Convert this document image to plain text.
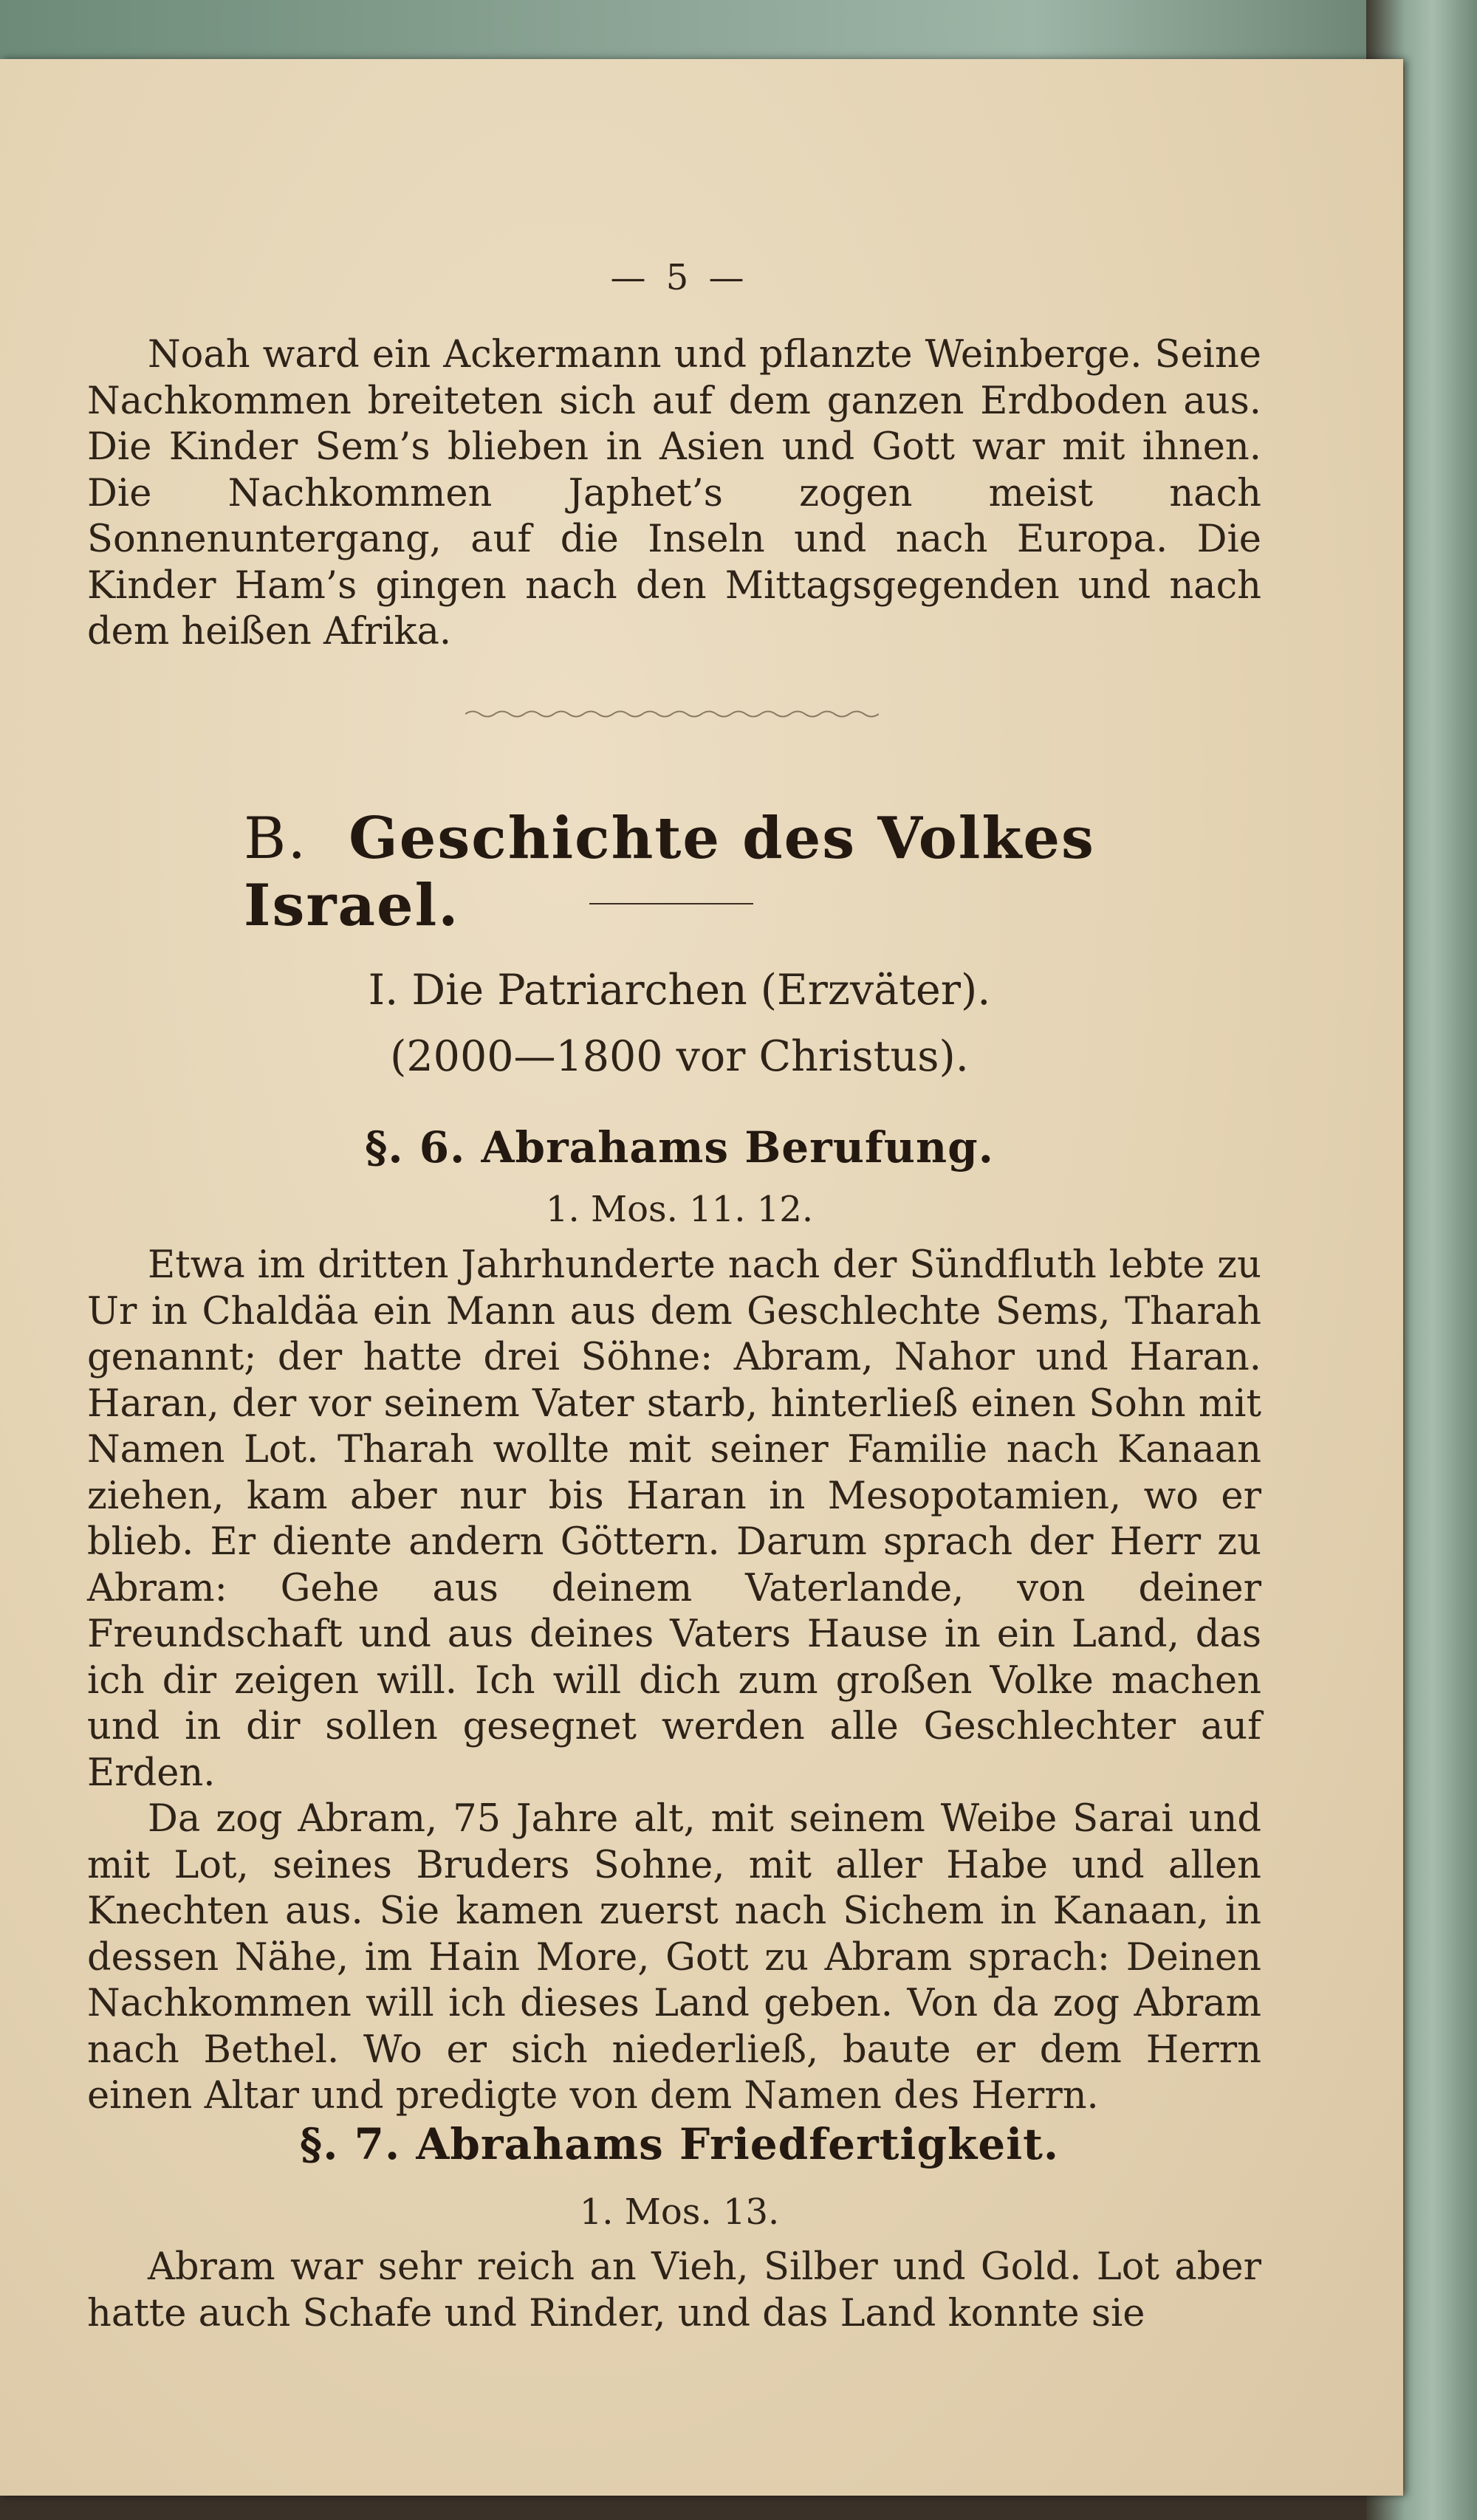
— 5 —

Noah ward ein Ackermann und pflanzte Weinberge. Seine Nachkommen breiteten sich auf dem ganzen Erdboden aus. Die Kinder Sem’s blieben in Asien und Gott war mit ihnen. Die Nachkommen Japhet’s zogen meist nach Sonnenuntergang, auf die Inseln und nach Europa. Die Kinder Ham’s gingen nach den Mittagsgegenden und nach dem heißen Afrika.

B. Geschichte des Volkes Israel.
I. Die Patriarchen (Erzväter).
(2000—1800 vor Christus).
§. 6. Abrahams Berufung.
1. Mos. 11. 12.

Etwa im dritten Jahrhunderte nach der Sündfluth lebte zu Ur in Chaldäa ein Mann aus dem Geschlechte Sems, Tharah genannt; der hatte drei Söhne: Abram, Nahor und Haran. Haran, der vor seinem Vater starb, hinterließ einen Sohn mit Namen Lot. Tharah wollte mit seiner Familie nach Kanaan ziehen, kam aber nur bis Haran in Mesopotamien, wo er blieb. Er diente andern Göttern. Darum sprach der Herr zu Abram: Gehe aus deinem Vaterlande, von deiner Freundschaft und aus deines Vaters Hause in ein Land, das ich dir zeigen will. Ich will dich zum großen Volke machen und in dir sollen gesegnet werden alle Geschlechter auf Erden.

Da zog Abram, 75 Jahre alt, mit seinem Weibe Sarai und mit Lot, seines Bruders Sohne, mit aller Habe und allen Knechten aus. Sie kamen zuerst nach Sichem in Kanaan, in dessen Nähe, im Hain More, Gott zu Abram sprach: Deinen Nachkommen will ich dieses Land geben. Von da zog Abram nach Bethel. Wo er sich niederließ, baute er dem Herrn einen Altar und predigte von dem Namen des Herrn.

§. 7. Abrahams Friedfertigkeit.
1. Mos. 13.

Abram war sehr reich an Vieh, Silber und Gold. Lot aber hatte auch Schafe und Rinder, und das Land konnte sie
